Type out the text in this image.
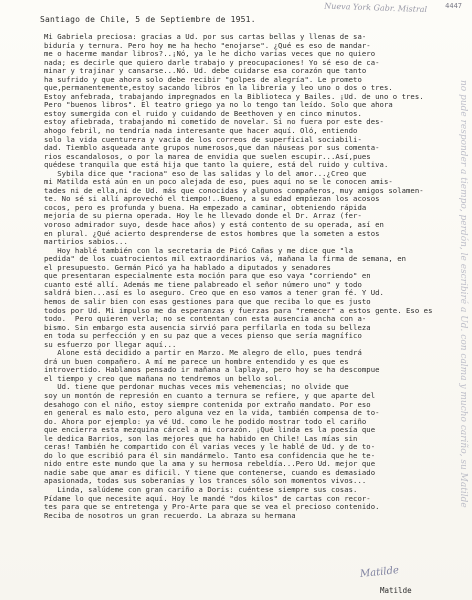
4447
Nueva York Gabr. Mistral
no pude responder a tiempo, perdón, le escribiré a Ud. con calma y mucho cariño, su Matilde
Santiago de Chile, 5 de Septiembre de 1951.
Mi Gabriela preciosa: gracias a Ud. por sus cartas bellas y llenas de sa-
biduría y ternura. Pero hoy me ha hecho "enojarse". ¿Qué es eso de mandar-
me o hacerme mandar libros?..¡Nó, ya le he dicho varias veces que no quiero
nada; es decirle que quiero darle trabajo y preocupaciones! Yo sé eso de ca-
minar y trajinar y cansarse...Nó. Ud. debe cuidarse esa corazón que tanto
ha sufrido y que ahora solo debe recibir "golpes de alegría". Le prometo
que,permanentemente,estoy sacando libros en la librería y leo uno o dos o tres.
Estoy anfebrada, trabajando impregnados en la Biblioteca y Bailes. ¡Ud. de uno o tres.
Pero "buenos libros". El teatro griego ya no lo tengo tan leído. Solo que ahora
estoy sumergida con el ruido y cuidando de Beethoven y en cinco minutos.
estoy afiebrada, trabajando mi cometido de novelar. Si no fuera por este des-
ahogo febril, no tendría nada interesante que hacer aquí. Oló, entiendo
solo la vida cuenturera y vacía de los correos de superficial sociabili-
dad. Tiemblo asqueada ante grupos numerosos,que dan náuseas por sus comenta-
rios escandalosos, o por la marea de envidia que suelen escupir...Así,pues
quédese tranquila que está hija que tanto la quiere, está del ruido y cultiva.
Sybila dice que "raciona" eso de las salidas y lo del amor...¿Creo que
mi Matilda está aún en un poco alejada de eso, pues aquí no se le conocen amis-
tades ni de ella,ni de Ud. más que conocidas y algunos compañeros, muy amigos solamen-
te. No sé si allí aprovechó el tiempo!..Bueno, a su edad empiezan los acosos
cocos, pero es profunda y buena. Ha empezado a caminar, obteniendo rápida
mejoría de su pierna operada. Hoy le he llevado donde el Dr. Arraz (fer-
voroso admirador suyo, desde hace años) y está contento de su operada, así en
en plural. ¿Qué acierto desprenderse de estos hombres que la someten a estos
martirios sabios...
Hoy hablé también con la secretaria de Picó Cañas y me dice que "la
pedida" de los cuatrocientos mil extraordinarios vá, mañana la firma de semana, en
el presupuesto. Germán Picó ya ha hablado a diputados y senadores
que presentaran especialmente esta moción para que eso vaya "corriendo" en
cuanto esté allí. Además me tiene palabreado el señor número uno" y todo
saldrá bien...así es lo aseguro. Creo que en eso vamos a tener gran fé. Y Ud.
hemos de salir bien con esas gestiones para que que reciba lo que es justo
todos por Ud. Mi impulso me da esperanzas y fuerzas para "remecer" a estos gente. Eso es
todo.  Pero quieren verla; no se contentan con esta ausencia ancha con a-
bismo. Sin embargo esta ausencia sirvió para perfilarla en toda su belleza
en toda su perfección y en su paz que a veces pienso que sería magnífico
su esfuerzo por llegar aquí...
Alone está decidido a partir en Marzo. Me alegro de ello, pues tendrá
drá un buen compañero. A mí me parece un hombre entendido y es que es
introvertido. Hablamos pensado ir mañana a laplaya, pero hoy se ha descompue
el tiempo y creo que mañana no tendremos un bello sol.
Ud. tiene que perdonar muchas veces mis vehemencias; no olvide que
soy un montón de represión en cuanto a ternura se refiere, y que aparte del
desahogo con el niño, estoy siempre contenida por extraño mandato. Por eso
en general es malo esto, pero alguna vez en la vida, también compensa de to-
do. Ahora por ejemplo: ya vé Ud. como le he podido mostrar todo el cariño
que encierra esta mezquina cárcel a mi corazón. ¡Qué linda es la poesía que
le dedica Barrios, son las mejores que ha habido en Chile! Las mías sin
ceras! También he compartido con él varias veces y le hablé de Ud. y de to-
do lo que escribió para él sin mandármelo. Tanto esa confidencia que he te-
nido entre este mundo que la ama y su hermosa rebeldía...Pero Ud. mejor que
nadie sabe que amar es dificil. Y tiene que contenerse, cuando es demasiado
apasionada, todas sus soberanías y los trances sólo son momentos vivos...
Linda, salúdeme con gran cariño a Doris: cuéntese siempre sus cosas.
Pídame lo que necesite aquí. Hoy le mandé "dos kilos" de cartas con recor-
tes para que se entretenga y Pro-Arte para que se vea el precioso contenido.
Reciba de nosotros un gran recuerdo. La abraza su hermana
Matilde
Matilde
